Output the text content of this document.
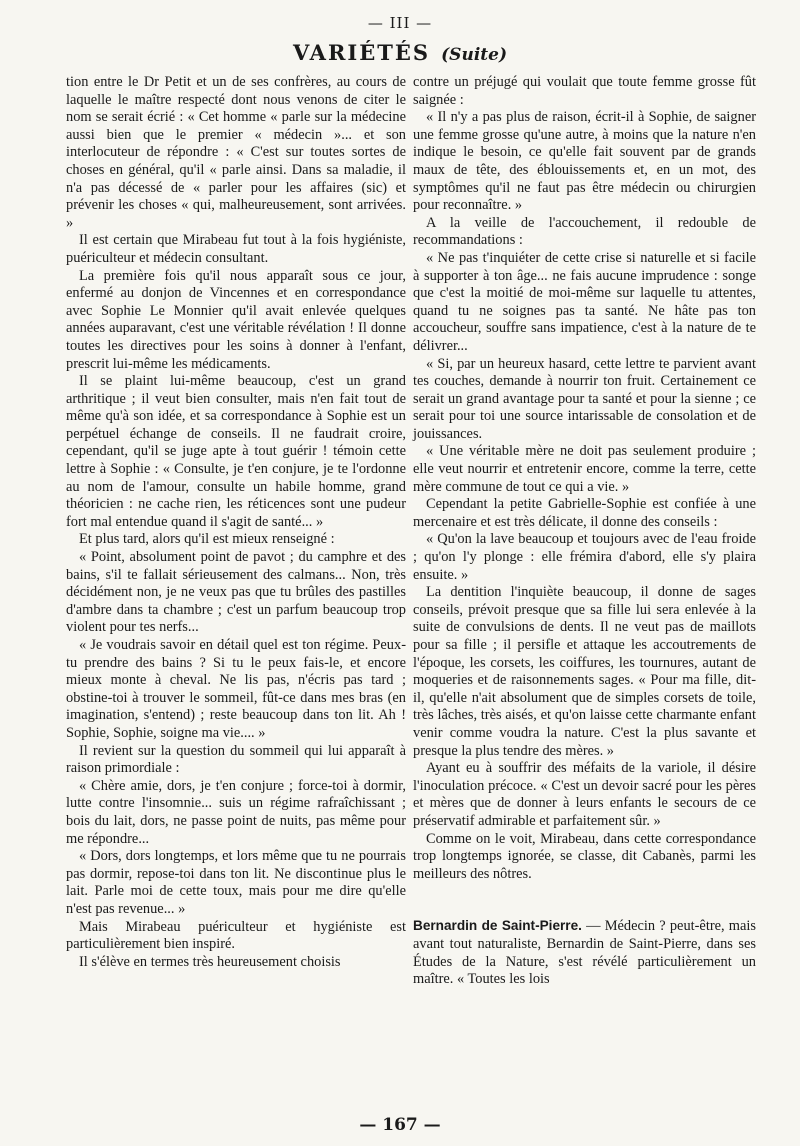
— III —
VARIÉTÉS (Suite)

tion entre le Dr Petit et un de ses confrères, au cours de laquelle le maître respecté dont nous venons de citer le nom se serait écrié : « Cet homme « parle sur la médecine aussi bien que le premier « médecin »... et son interlocuteur de répondre : « C'est sur toutes sortes de choses en général, qu'il « parle ainsi. Dans sa maladie, il n'a pas décessé de « parler pour les affaires (sic) et prévenir les choses « qui, malheureusement, sont arrivées. »

Il est certain que Mirabeau fut tout à la fois hygiéniste, puériculteur et médecin consultant.

La première fois qu'il nous apparaît sous ce jour, enfermé au donjon de Vincennes et en correspondance avec Sophie Le Monnier qu'il avait enlevée quelques années auparavant, c'est une véritable révélation ! Il donne toutes les directives pour les soins à donner à l'enfant, prescrit lui-même les médicaments.

Il se plaint lui-même beaucoup, c'est un grand arthritique ; il veut bien consulter, mais n'en fait tout de même qu'à son idée, et sa correspondance à Sophie est un perpétuel échange de conseils. Il ne faudrait croire, cependant, qu'il se juge apte à tout guérir ! témoin cette lettre à Sophie : « Consulte, je t'en conjure, je te l'ordonne au nom de l'amour, consulte un habile homme, grand théoricien : ne cache rien, les réticences sont une pudeur fort mal entendue quand il s'agit de santé... »

Et plus tard, alors qu'il est mieux renseigné :

« Point, absolument point de pavot ; du camphre et des bains, s'il te fallait sérieusement des calmans... Non, très décidément non, je ne veux pas que tu brûles des pastilles d'ambre dans ta chambre ; c'est un parfum beaucoup trop violent pour tes nerfs...

« Je voudrais savoir en détail quel est ton régime. Peux-tu prendre des bains ? Si tu le peux fais-le, et encore mieux monte à cheval. Ne lis pas, n'écris pas tard ; obstine-toi à trouver le sommeil, fût-ce dans mes bras (en imagination, s'entend) ; reste beaucoup dans ton lit. Ah ! Sophie, Sophie, soigne ma vie.... »

Il revient sur la question du sommeil qui lui apparaît à raison primordiale :

« Chère amie, dors, je t'en conjure ; force-toi à dormir, lutte contre l'insomnie... suis un régime rafraîchissant ; bois du lait, dors, ne passe point de nuits, pas même pour me répondre...

« Dors, dors longtemps, et lors même que tu ne pourrais pas dormir, repose-toi dans ton lit. Ne discontinue plus le lait. Parle moi de cette toux, mais pour me dire qu'elle n'est pas revenue... »

Mais Mirabeau puériculteur et hygiéniste est particulièrement bien inspiré.

Il s'élève en termes très heureusement choisis

contre un préjugé qui voulait que toute femme grosse fût saignée :

« Il n'y a pas plus de raison, écrit-il à Sophie, de saigner une femme grosse qu'une autre, à moins que la nature n'en indique le besoin, ce qu'elle fait souvent par de grands maux de tête, des éblouissements et, en un mot, des symptômes qu'il ne faut pas être médecin ou chirurgien pour reconnaître. »

A la veille de l'accouchement, il redouble de recommandations :

« Ne pas t'inquiéter de cette crise si naturelle et si facile à supporter à ton âge... ne fais aucune imprudence : songe que c'est la moitié de moi-même sur laquelle tu attentes, quand tu ne soignes pas ta santé. Ne hâte pas ton accoucheur, souffre sans impatience, c'est à la nature de te délivrer...

« Si, par un heureux hasard, cette lettre te parvient avant tes couches, demande à nourrir ton fruit. Certainement ce serait un grand avantage pour ta santé et pour la sienne ; ce serait pour toi une source intarissable de consolation et de jouissances.

« Une véritable mère ne doit pas seulement produire ; elle veut nourrir et entretenir encore, comme la terre, cette mère commune de tout ce qui a vie. »

Cependant la petite Gabrielle-Sophie est confiée à une mercenaire et est très délicate, il donne des conseils :

« Qu'on la lave beaucoup et toujours avec de l'eau froide ; qu'on l'y plonge : elle frémira d'abord, elle s'y plaira ensuite. »

La dentition l'inquiète beaucoup, il donne de sages conseils, prévoit presque que sa fille lui sera enlevée à la suite de convulsions de dents. Il ne veut pas de maillots pour sa fille ; il persifle et attaque les accoutrements de l'époque, les corsets, les coiffures, les tournures, autant de moqueries et de raisonnements sages. « Pour ma fille, dit-il, qu'elle n'ait absolument que de simples corsets de toile, très lâches, très aisés, et qu'on laisse cette charmante enfant venir comme voudra la nature. C'est la plus savante et presque la plus tendre des mères. »

Ayant eu à souffrir des méfaits de la variole, il désire l'inoculation précoce. « C'est un devoir sacré pour les pères et mères que de donner à leurs enfants le secours de ce préservatif admirable et parfaitement sûr. »

Comme on le voit, Mirabeau, dans cette correspondance trop longtemps ignorée, se classe, dit Cabanès, parmi les meilleurs des nôtres.

Bernardin de Saint-Pierre. — Médecin ? peut-être, mais avant tout naturaliste, Bernardin de Saint-Pierre, dans ses Études de la Nature, s'est révélé particulièrement un maître. « Toutes les lois

— 167 —
